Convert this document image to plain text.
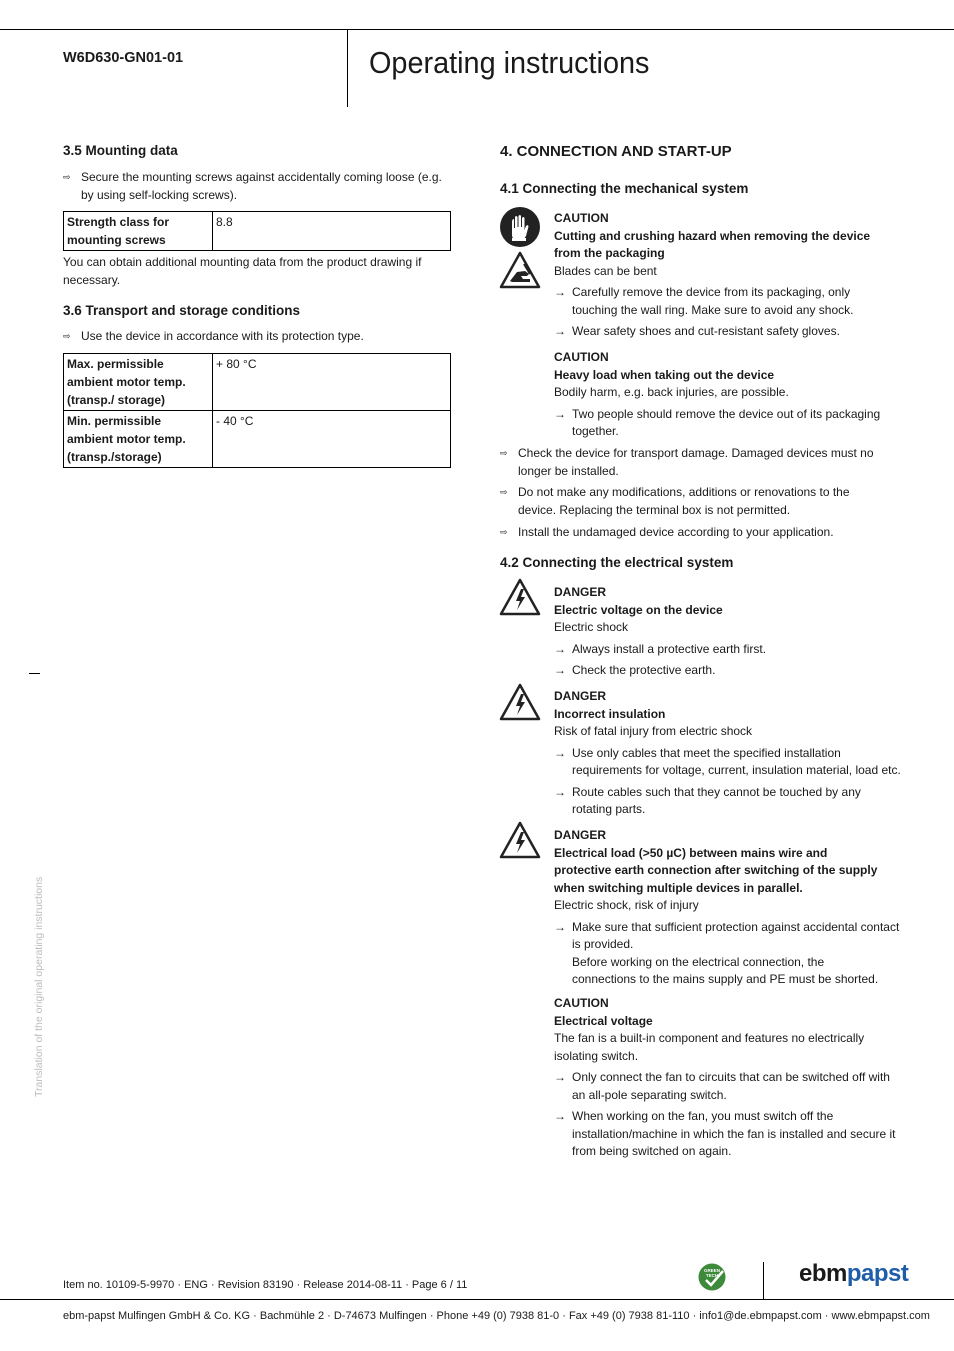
W6D630-GN01-01	Operating instructions
3.5 Mounting data
⇨ Secure the mounting screws against accidentally coming loose (e.g.
by using self-locking screws).
Strength class for
mounting screws	8.8
You can obtain additional mounting data from the product drawing if
necessary.
3.6 Transport and storage conditions
⇨ Use the device in accordance with its protection type.
Max. permissible
ambient motor temp.
(transp./ storage)	+ 80 °C
Min. permissible
ambient motor temp.
(transp./storage)	- 40 °C
Translation of the original operating instructions
4. CONNECTION AND START-UP
4.1 Connecting the mechanical system
CAUTION
Cutting and crushing hazard when removing the device
from the packaging
Blades can be bent
→ Carefully remove the device from its packaging, only
touching the wall ring. Make sure to avoid any shock.
→ Wear safety shoes and cut-resistant safety gloves.
CAUTION
Heavy load when taking out the device
Bodily harm, e.g. back injuries, are possible.
→ Two people should remove the device out of its packaging
together.
⇨ Check the device for transport damage. Damaged devices must no
longer be installed.
⇨ Do not make any modifications, additions or renovations to the
device. Replacing the terminal box is not permitted.
⇨ Install the undamaged device according to your application.
4.2 Connecting the electrical system
DANGER
Electric voltage on the device
Electric shock
→ Always install a protective earth first.
→ Check the protective earth.
DANGER
Incorrect insulation
Risk of fatal injury from electric shock
→ Use only cables that meet the specified installation
requirements for voltage, current, insulation material, load etc.
→ Route cables such that they cannot be touched by any
rotating parts.
DANGER
Electrical load (>50 µC) between mains wire and
protective earth connection after switching of the supply
when switching multiple devices in parallel.
Electric shock, risk of injury
→ Make sure that sufficient protection against accidental contact
is provided.
Before working on the electrical connection, the
connections to the mains supply and PE must be shorted.
CAUTION
Electrical voltage
The fan is a built-in component and features no electrically
isolating switch.
→ Only connect the fan to circuits that can be switched off with
an all-pole separating switch.
→ When working on the fan, you must switch off the
installation/machine in which the fan is installed and secure it
from being switched on again.
Item no. 10109-5-9970 · ENG · Revision 83190 · Release 2014-08-11 · Page 6 / 11
GREEN
TECH	ebmpapst
ebm-papst Mulfingen GmbH & Co. KG · Bachmühle 2 · D-74673 Mulfingen · Phone +49 (0) 7938 81-0 · Fax +49 (0) 7938 81-110 · info1@de.ebmpapst.com · www.ebmpapst.com
